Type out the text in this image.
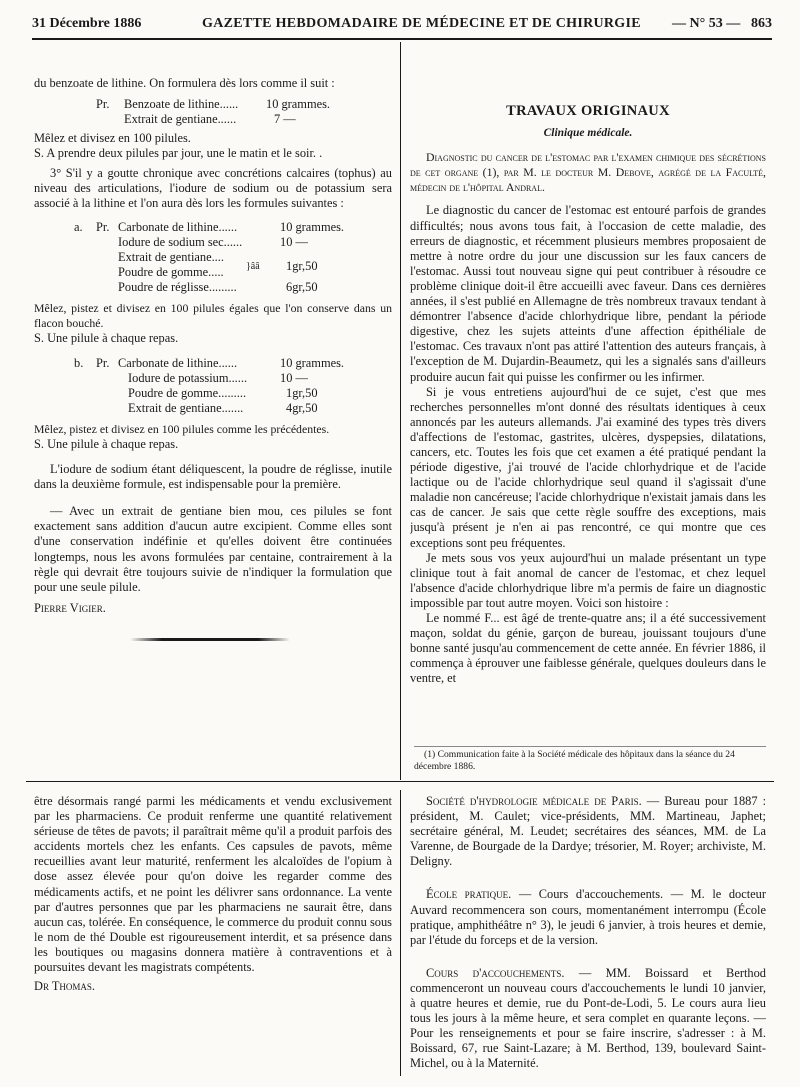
31 Décembre 1886	GAZETTE HEBDOMADAIRE DE MÉDECINE ET DE CHIRURGIE — N° 53 — 863

du benzoate de lithine. On formulera dès lors comme il suit :

Pr. Benzoate de lithine...... 10 grammes.
Extrait de gentiane......	7 —

Mêlez et divisez en 100 pilules.

S. A prendre deux pilules par jour, une le matin et le soir. .

3° S'il y a goutte chronique avec concrétions calcaires (tophus) au niveau des articulations, l'iodure de sodium ou de potassium sera associé à la lithine et l'on aura dès lors les formules suivantes :

a. Pr. Carbonate de lithine......	10 grammes.
Iodure de sodium sec......	10 —
Extrait de gentiane....
Poudre de gomme..... }ââ 1gr,50
Poudre de réglisse.........	6gr,50

Mêlez, pistez et divisez en 100 pilules égales que l'on conserve dans un flacon bouché.

S. Une pilule à chaque repas.

b. Pr. Carbonate de lithine......	10 grammes.
Iodure de potassium......	10 —
Poudre de gomme.........	1gr,50
Extrait de gentiane.......	4gr,50

Mêlez, pistez et divisez en 100 pilules comme les précédentes.

S. Une pilule à chaque repas.

L'iodure de sodium étant déliquescent, la poudre de réglisse, inutile dans la deuxième formule, est indispensable pour la première.

— Avec un extrait de gentiane bien mou, ces pilules se font exactement sans addition d'aucun autre excipient. Comme elles sont d'une conservation indéfinie et qu'elles doivent être continuées longtemps, nous les avons formulées par centaine, contrairement à la règle qui devrait être toujours suivie de n'indiquer la formulation que pour une seule pilule.

Pierre Vigier.

TRAVAUX ORIGINAUX
Clinique médicale.

Diagnostic du cancer de l'estomac par l'examen chimique des sécrétions de cet organe (1), par M. le docteur M. Debove, agrégé de la Faculté, médecin de l'hôpital Andral.

Le diagnostic du cancer de l'estomac est entouré parfois de grandes difficultés; nous avons tous fait, à l'occasion de cette maladie, des erreurs de diagnostic, et récemment plusieurs membres proposaient de mettre à notre ordre du jour une discussion sur les faux cancers de l'estomac. Aussi tout nouveau signe qui peut contribuer à résoudre ce problème clinique doit-il être accueilli avec faveur. Dans ces dernières années, il s'est publié en Allemagne de très nombreux travaux tendant à démontrer l'absence d'acide chlorhydrique libre, pendant la période digestive, chez les sujets atteints d'une affection épithéliale de l'estomac. Ces travaux n'ont pas attiré l'attention des auteurs français, à l'exception de M. Dujardin-Beaumetz, qui les a signalés sans d'ailleurs produire aucun fait qui puisse les confirmer ou les infirmer.

Si je vous entretiens aujourd'hui de ce sujet, c'est que mes recherches personnelles m'ont donné des résultats identiques à ceux annoncés par les auteurs allemands. J'ai examiné des types très divers d'affections de l'estomac, gastrites, ulcères, dyspepsies, dilatations, cancers, etc. Toutes les fois que cet examen a été pratiqué pendant la période digestive, j'ai trouvé de l'acide chlorhydrique et de l'acide lactique ou de l'acide chlorhydrique seul quand il s'agissait d'une maladie non cancéreuse; l'acide chlorhydrique n'existait jamais dans les cas de cancer. Je sais que cette règle souffre des exceptions, mais jusqu'à présent je n'en ai pas rencontré, ce qui montre que ces exceptions sont peu fréquentes.

Je mets sous vos yeux aujourd'hui un malade présentant un type clinique tout à fait anomal de cancer de l'estomac, et chez lequel l'absence d'acide chlorhydrique libre m'a permis de faire un diagnostic impossible par tout autre moyen. Voici son histoire :

Le nommé F... est âgé de trente-quatre ans; il a été successivement maçon, soldat du génie, garçon de bureau, jouissant toujours d'une bonne santé jusqu'au commencement de cette année. En février 1886, il commença à éprouver une faiblesse générale, quelques douleurs dans le ventre, et

(1) Communication faite à la Société médicale des hôpitaux dans la séance du 24 décembre 1886.

être désormais rangé parmi les médicaments et vendu exclusivement par les pharmaciens. Ce produit renferme une quantité relativement sérieuse de têtes de pavots; il paraîtrait même qu'il a produit parfois des accidents mortels chez les enfants. Ces capsules de pavots, même recueillies avant leur maturité, renferment les alcaloïdes de l'opium à dose assez élevée pour qu'on doive les regarder comme des médicaments actifs, et ne point les délivrer sans ordonnance. La vente par d'autres personnes que par les pharmaciens ne saurait être, dans aucun cas, tolérée. En conséquence, le commerce du produit connu sous le nom de thé Double est rigoureusement interdit, et sa présence dans les boutiques ou magasins donnera matière à contraventions et à poursuites devant les magistrats compétents.

Dr Thomas.

Société d'hydrologie médicale de Paris. — Bureau pour 1887 : président, M. Caulet; vice-présidents, MM. Martineau, Japhet; secrétaire général, M. Leudet; secrétaires des séances, MM. de La Varenne, de Bourgade de la Dardye; trésorier, M. Royer; archiviste, M. Deligny.

École pratique. — Cours d'accouchements. — M. le docteur Auvard recommencera son cours, momentanément interrompu (École pratique, amphithéâtre n° 3), le jeudi 6 janvier, à trois heures et demie, par l'étude du forceps et de la version.

Cours d'accouchements. — MM. Boissard et Berthod commenceront un nouveau cours d'accouchements le lundi 10 janvier, à quatre heures et demie, rue du Pont-de-Lodi, 5. Le cours aura lieu tous les jours à la même heure, et sera complet en quarante leçons. — Pour les renseignements et pour se faire inscrire, s'adresser : à M. Boissard, 67, rue Saint-Lazare; à M. Berthod, 139, boulevard Saint-Michel, ou à la Maternité.
